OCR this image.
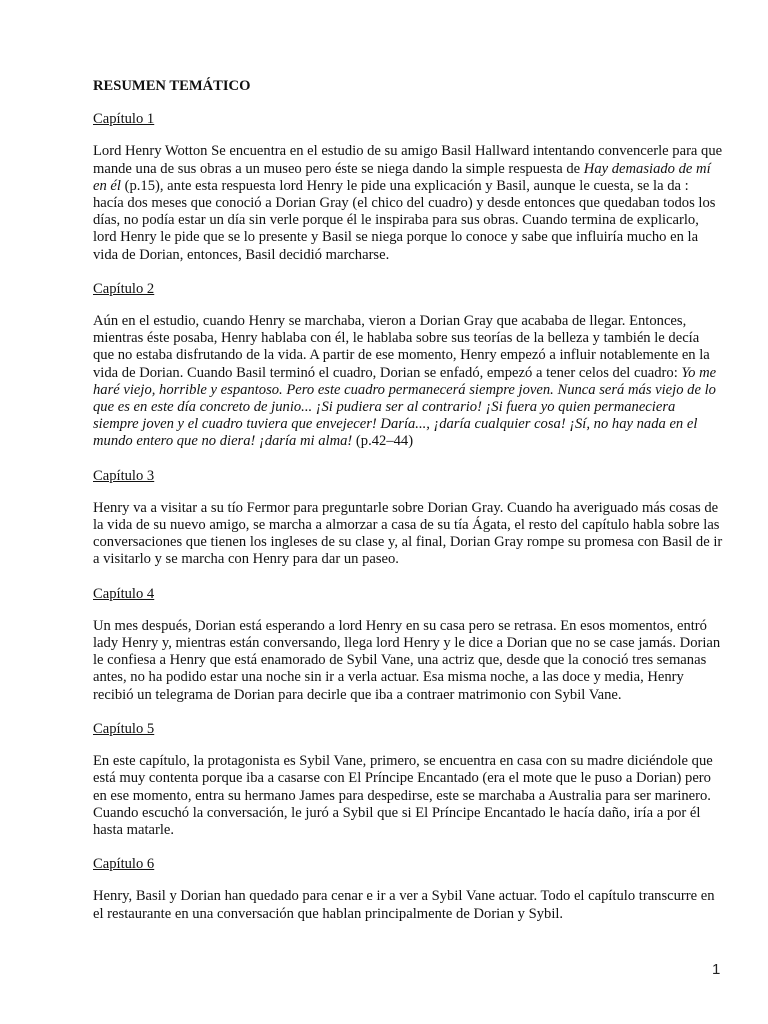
RESUMEN TEMÁTICO
Capítulo 1
Lord Henry Wotton Se encuentra en el estudio de su amigo Basil Hallward intentando convencerle para que mande una de sus obras a un museo pero éste se niega dando la simple respuesta de Hay demasiado de mí en él (p.15), ante esta respuesta lord Henry le pide una explicación y Basil, aunque le cuesta, se la da : hacía dos meses que conoció a Dorian Gray (el chico del cuadro) y desde entonces que quedaban todos los días, no podía estar un día sin verle porque él le inspiraba para sus obras. Cuando termina de explicarlo, lord Henry le pide que se lo presente y Basil se niega porque lo conoce y sabe que influiría mucho en la vida de Dorian, entonces, Basil decidió marcharse.
Capítulo 2
Aún en el estudio, cuando Henry se marchaba, vieron a Dorian Gray que acababa de llegar. Entonces, mientras éste posaba, Henry hablaba con él, le hablaba sobre sus teorías de la belleza y también le decía que no estaba disfrutando de la vida. A partir de ese momento, Henry empezó a influir notablemente en la vida de Dorian. Cuando Basil terminó el cuadro, Dorian se enfadó, empezó a tener celos del cuadro: Yo me haré viejo, horrible y espantoso. Pero este cuadro permanecerá siempre joven. Nunca será más viejo de lo que es en este día concreto de junio... ¡Si pudiera ser al contrario! ¡Si fuera yo quien permaneciera siempre joven y el cuadro tuviera que envejecer! Daría..., ¡daría cualquier cosa! ¡Sí, no hay nada en el mundo entero que no diera! ¡daría mi alma! (p.42–44)
Capítulo 3
Henry va a visitar a su tío Fermor para preguntarle sobre Dorian Gray. Cuando ha averiguado más cosas de la vida de su nuevo amigo, se marcha a almorzar a casa de su tía Ágata, el resto del capítulo habla sobre las conversaciones que tienen los ingleses de su clase y, al final, Dorian Gray rompe su promesa con Basil de ir a visitarlo y se marcha con Henry para dar un paseo.
Capítulo 4
Un mes después, Dorian está esperando a lord Henry en su casa pero se retrasa. En esos momentos, entró lady Henry y, mientras están conversando, llega lord Henry y le dice a Dorian que no se case jamás. Dorian le confiesa a Henry que está enamorado de Sybil Vane, una actriz que, desde que la conoció tres semanas antes, no ha podido estar una noche sin ir a verla actuar. Esa misma noche, a las doce y media, Henry recibió un telegrama de Dorian para decirle que iba a contraer matrimonio con Sybil Vane.
Capítulo 5
En este capítulo, la protagonista es Sybil Vane, primero, se encuentra en casa con su madre diciéndole que está muy contenta porque iba a casarse con El Príncipe Encantado (era el mote que le puso a Dorian) pero en ese momento, entra su hermano James para despedirse, este se marchaba a Australia para ser marinero. Cuando escuchó la conversación, le juró a Sybil que si El Príncipe Encantado le hacía daño, iría a por él hasta matarle.
Capítulo 6
Henry, Basil y Dorian han quedado para cenar e ir a ver a Sybil Vane actuar. Todo el capítulo transcurre en el restaurante en una conversación que hablan principalmente de Dorian y Sybil.
1
